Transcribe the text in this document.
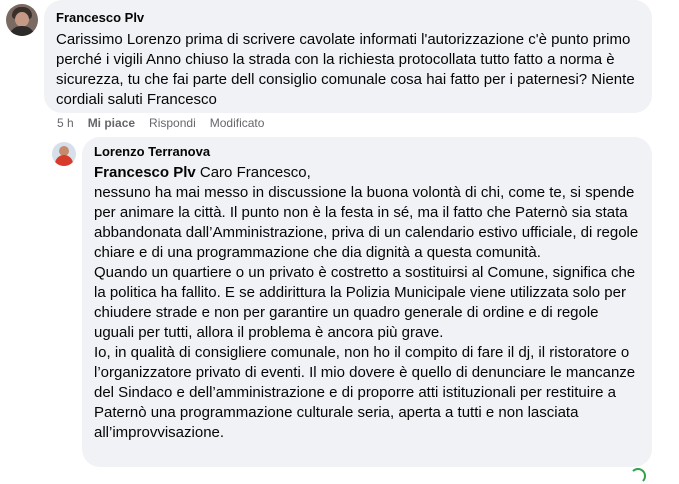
Francesco Plv
Carissimo Lorenzo prima di scrivere cavolate informati l'autorizzazione c'è punto primo perché i vigili Anno chiuso la strada con la richiesta protocollata tutto fatto a norma è sicurezza, tu che fai parte dell consiglio comunale cosa hai fatto per i paternesi? Niente cordiali saluti Francesco
5 h Mi piace Rispondi Modificato
Lorenzo Terranova
Francesco Plv Caro Francesco,
nessuno ha mai messo in discussione la buona volontà di chi, come te, si spende per animare la città. Il punto non è la festa in sé, ma il fatto che Paternò sia stata abbandonata dall’Amministrazione, priva di un calendario estivo ufficiale, di regole chiare e di una programmazione che dia dignità a questa comunità.
Quando un quartiere o un privato è costretto a sostituirsi al Comune, significa che la politica ha fallito. E se addirittura la Polizia Municipale viene utilizzata solo per chiudere strade e non per garantire un quadro generale di ordine e di regole uguali per tutti, allora il problema è ancora più grave.
Io, in qualità di consigliere comunale, non ho il compito di fare il dj, il ristoratore o l’organizzatore privato di eventi. Il mio dovere è quello di denunciare le mancanze del Sindaco e dell’amministrazione e di proporre atti istituzionali per restituire a Paternò una programmazione culturale seria, aperta a tutti e non lasciata all’improvvisazione.
